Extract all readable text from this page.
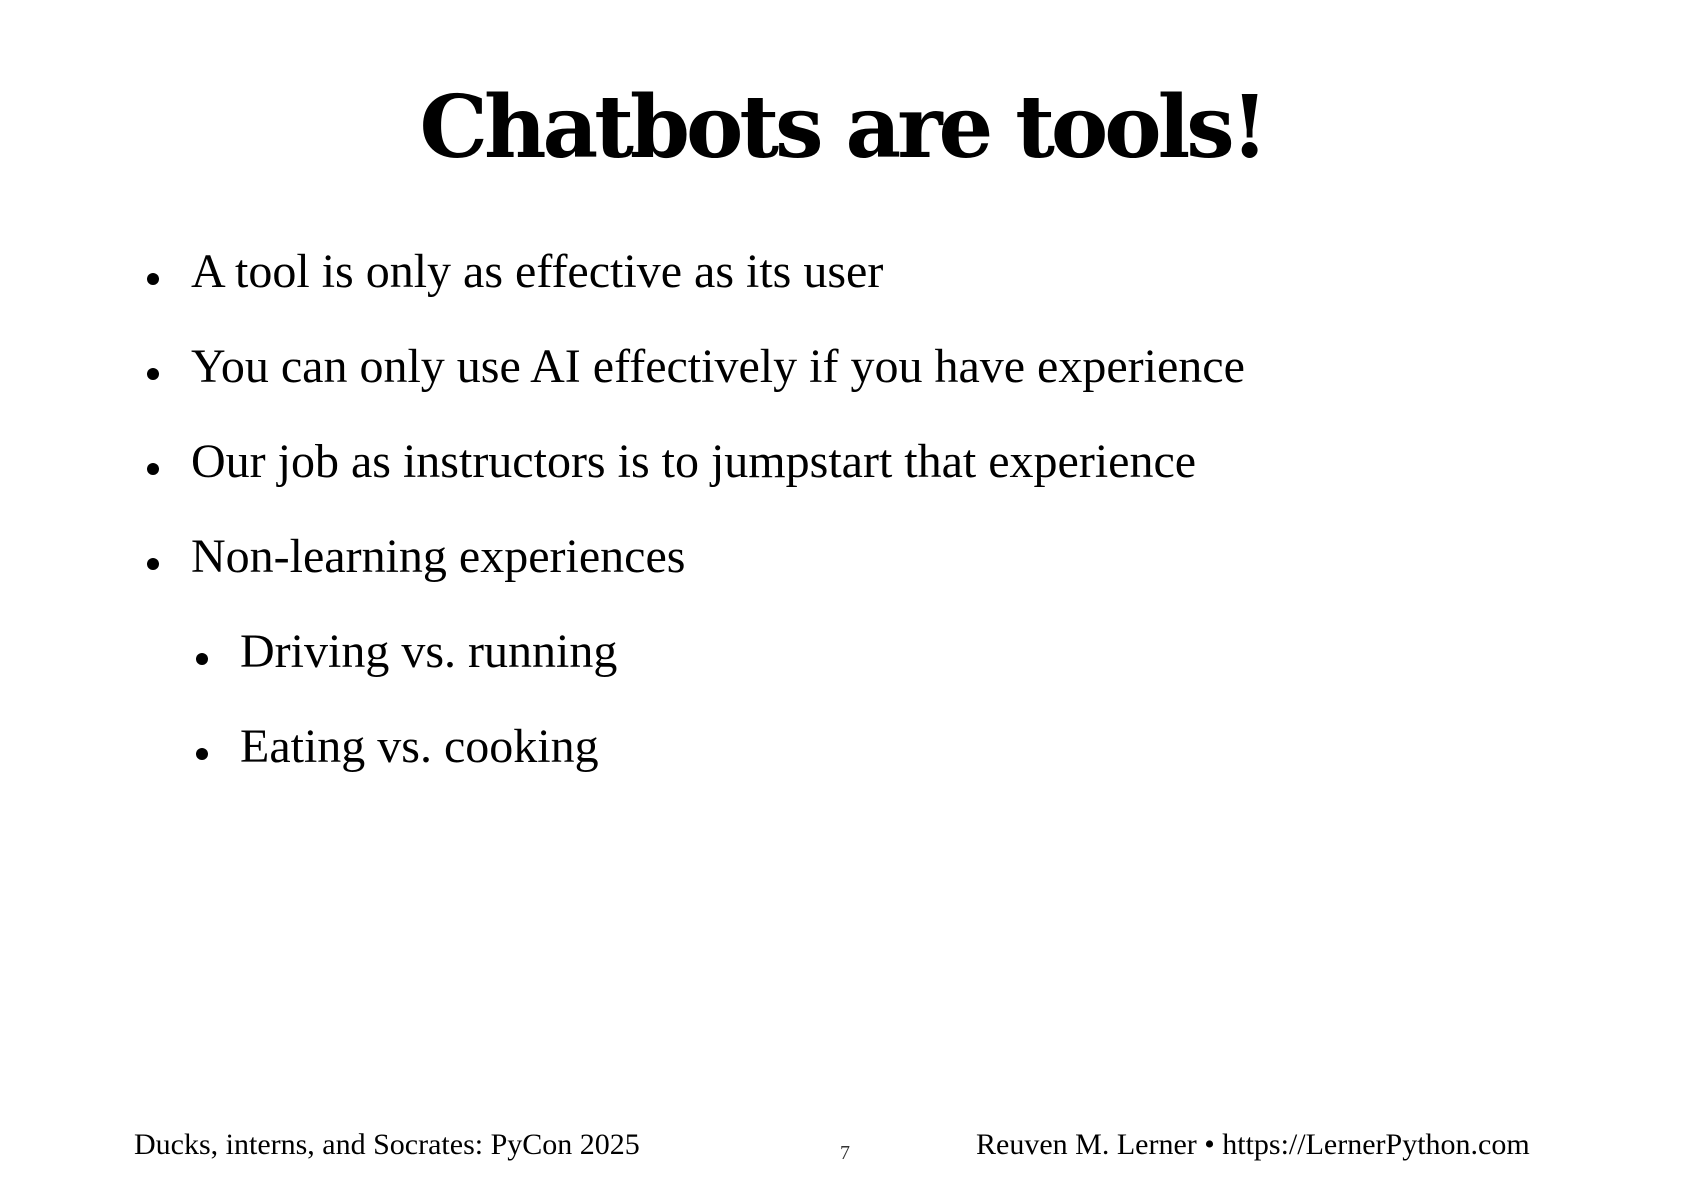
Chatbots are tools!
A tool is only as effective as its user
You can only use AI effectively if you have experience
Our job as instructors is to jumpstart that experience
Non-learning experiences
Driving vs. running
Eating vs. cooking
Ducks, interns, and Socrates: PyCon 2025	7	Reuven M. Lerner • https://LernerPython.com
